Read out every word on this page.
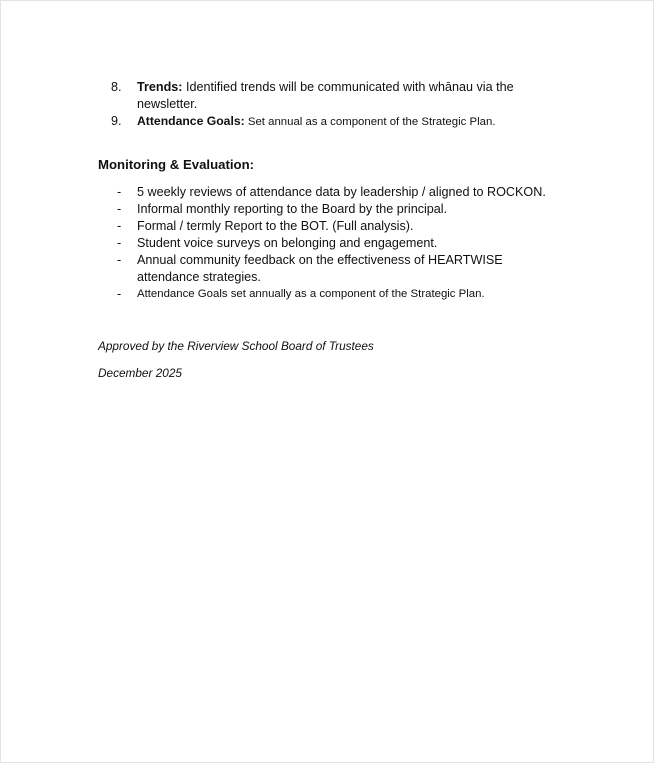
8.	Trends: Identified trends will be communicated with whānau via the newsletter.
9.	Attendance Goals: Set annual as a component of the Strategic Plan.
Monitoring & Evaluation:
- 5 weekly reviews of attendance data by leadership / aligned to ROCKON.
- Informal monthly reporting to the Board by the principal.
- Formal / termly Report to the BOT. (Full analysis).
- Student voice surveys on belonging and engagement.
- Annual community feedback on the effectiveness of HEARTWISE attendance strategies.
- Attendance Goals set annually as a component of the Strategic Plan.
Approved by the Riverview School Board of Trustees
December 2025
